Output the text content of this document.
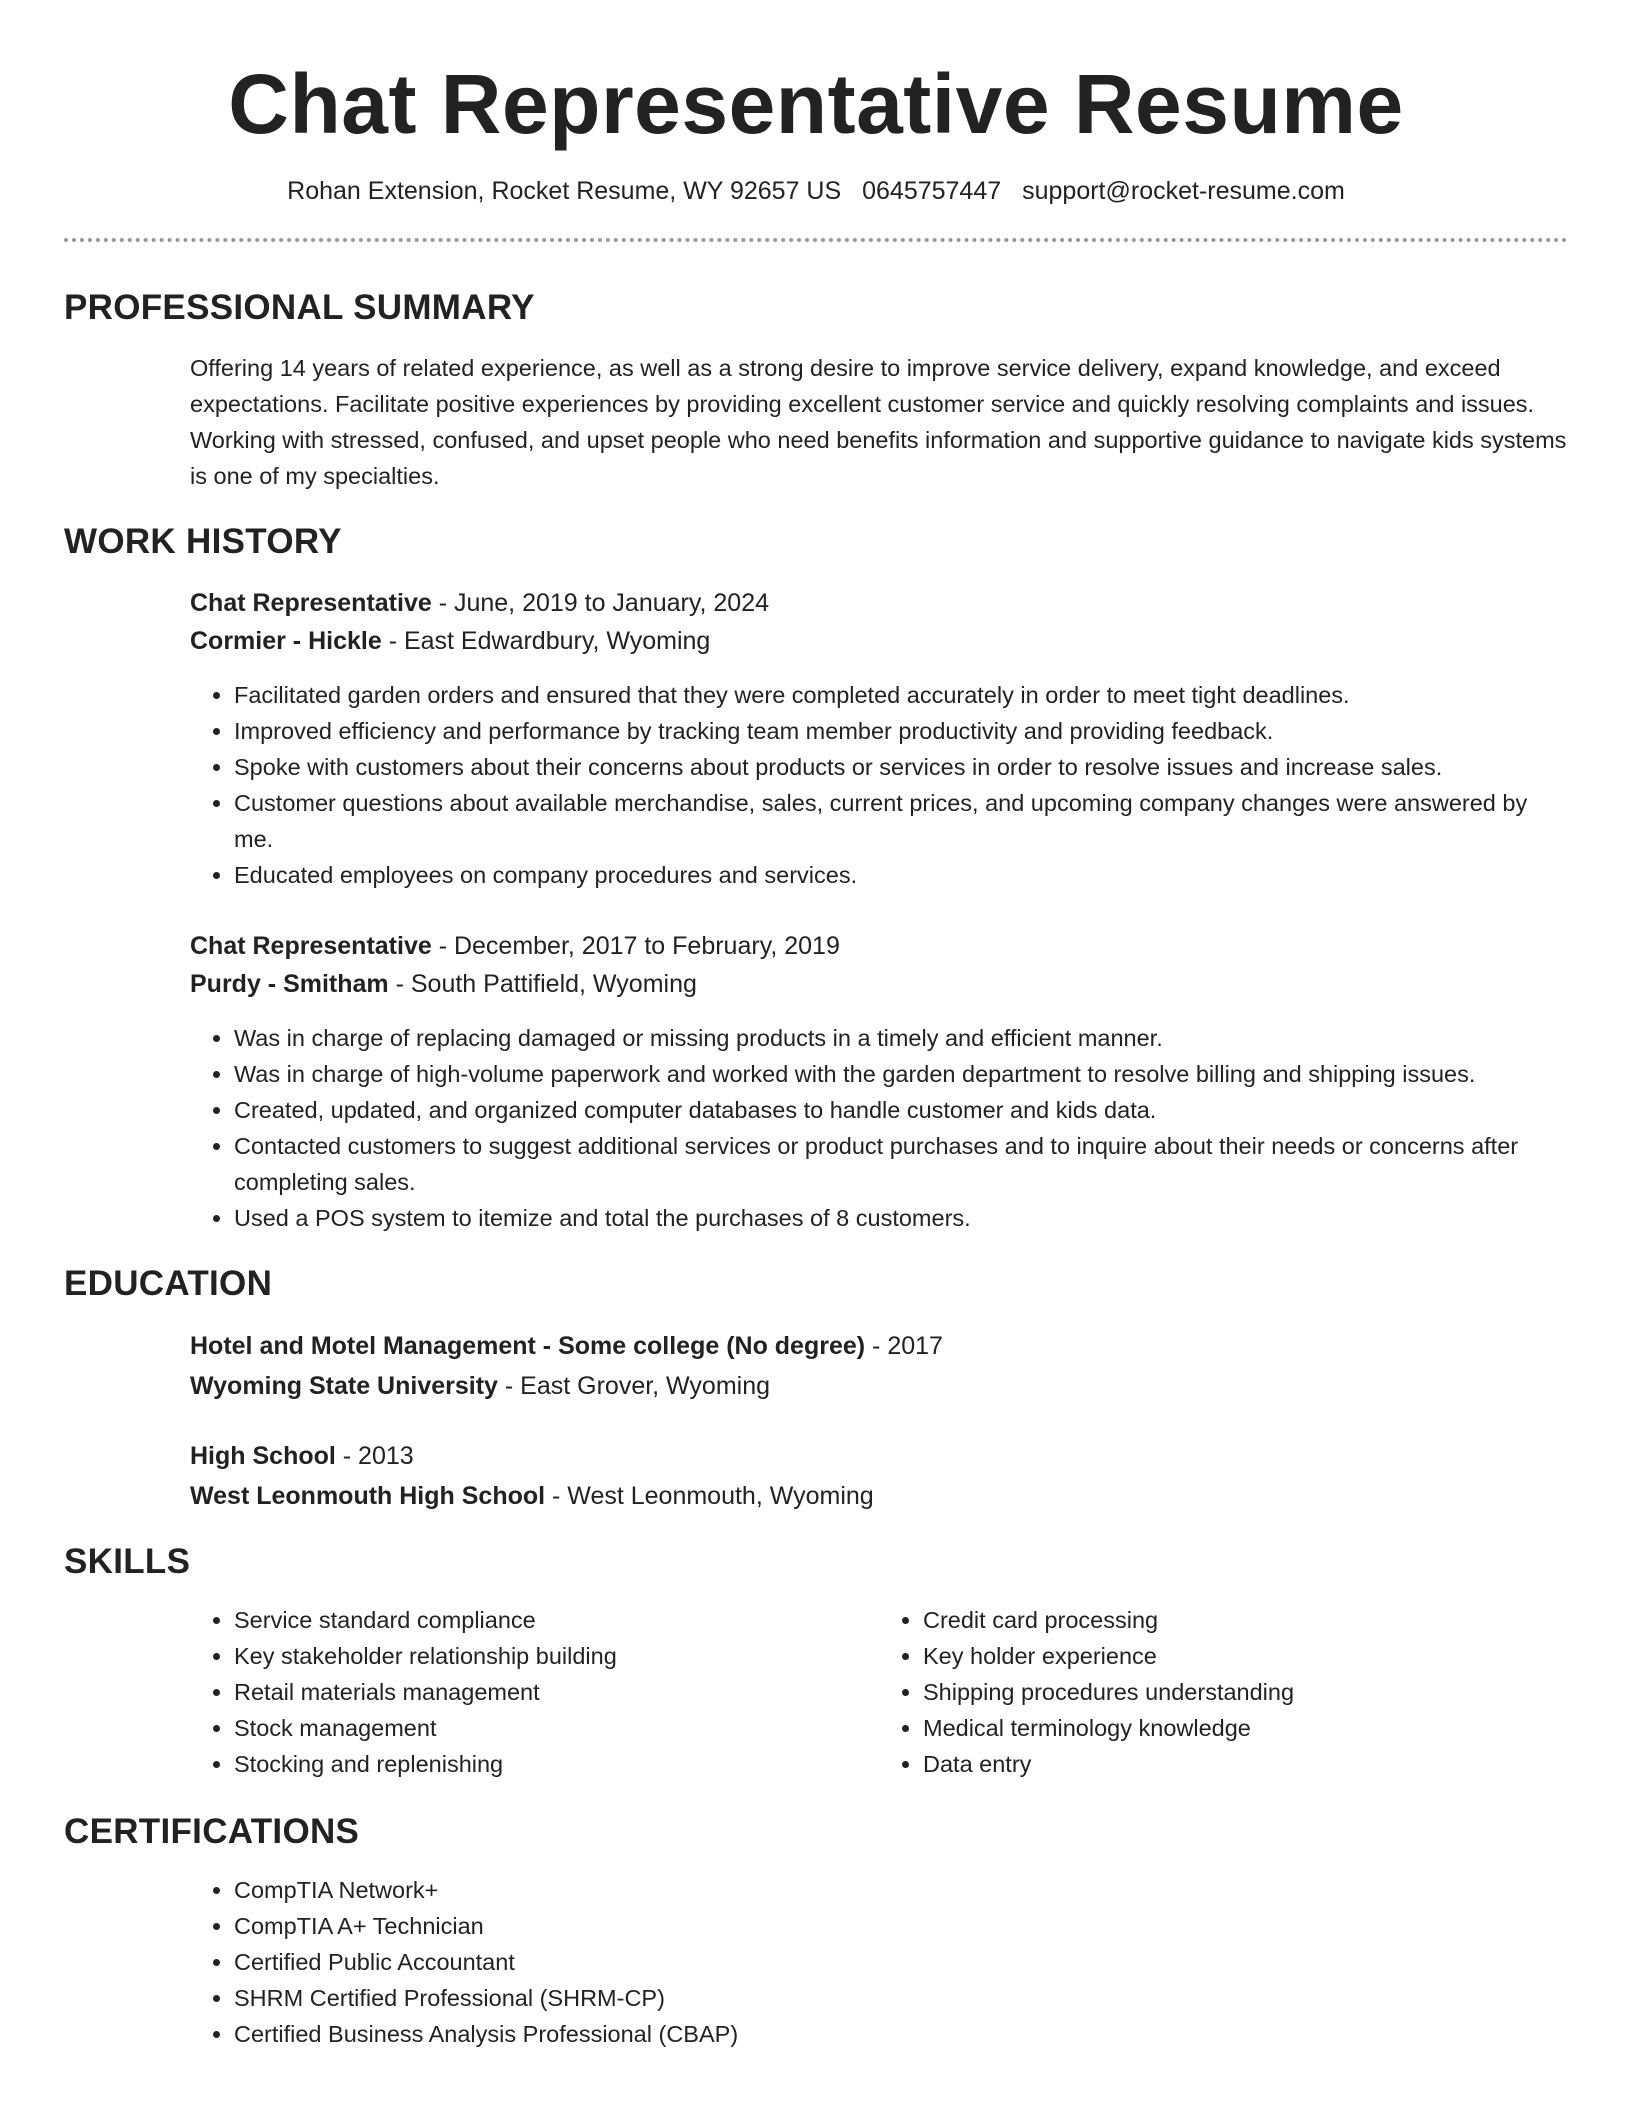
Chat Representative Resume
Rohan Extension, Rocket Resume, WY 92657 US 0645757447 support@rocket-resume.com
PROFESSIONAL SUMMARY

Offering 14 years of related experience, as well as a strong desire to improve service delivery, expand knowledge, and exceed expectations. Facilitate positive experiences by providing excellent customer service and quickly resolving complaints and issues. Working with stressed, confused, and upset people who need benefits information and supportive guidance to navigate kids systems is one of my specialties.

WORK HISTORY

Chat Representative - June, 2019 to January, 2024

Cormier - Hickle - East Edwardbury, Wyoming

• Facilitated garden orders and ensured that they were completed accurately in order to meet tight deadlines.
• Improved efficiency and performance by tracking team member productivity and providing feedback.
• Spoke with customers about their concerns about products or services in order to resolve issues and increase sales.
• Customer questions about available merchandise, sales, current prices, and upcoming company changes were answered by me.
• Educated employees on company procedures and services.

Chat Representative - December, 2017 to February, 2019

Purdy - Smitham - South Pattifield, Wyoming

• Was in charge of replacing damaged or missing products in a timely and efficient manner.
• Was in charge of high-volume paperwork and worked with the garden department to resolve billing and shipping issues.
• Created, updated, and organized computer databases to handle customer and kids data.
• Contacted customers to suggest additional services or product purchases and to inquire about their needs or concerns after completing sales.
• Used a POS system to itemize and total the purchases of 8 customers.
EDUCATION

Hotel and Motel Management - Some college (No degree) - 2017

Wyoming State University - East Grover, Wyoming

High School - 2013

West Leonmouth High School - West Leonmouth, Wyoming

SKILLS
• Service standard compliance
• Key stakeholder relationship building
• Retail materials management
• Stock management
• Stocking and replenishing
• Credit card processing
• Key holder experience
• Shipping procedures understanding
• Medical terminology knowledge
• Data entry
CERTIFICATIONS
• CompTIA Network+
• CompTIA A+ Technician
• Certified Public Accountant
• SHRM Certified Professional (SHRM-CP)
• Certified Business Analysis Professional (CBAP)
